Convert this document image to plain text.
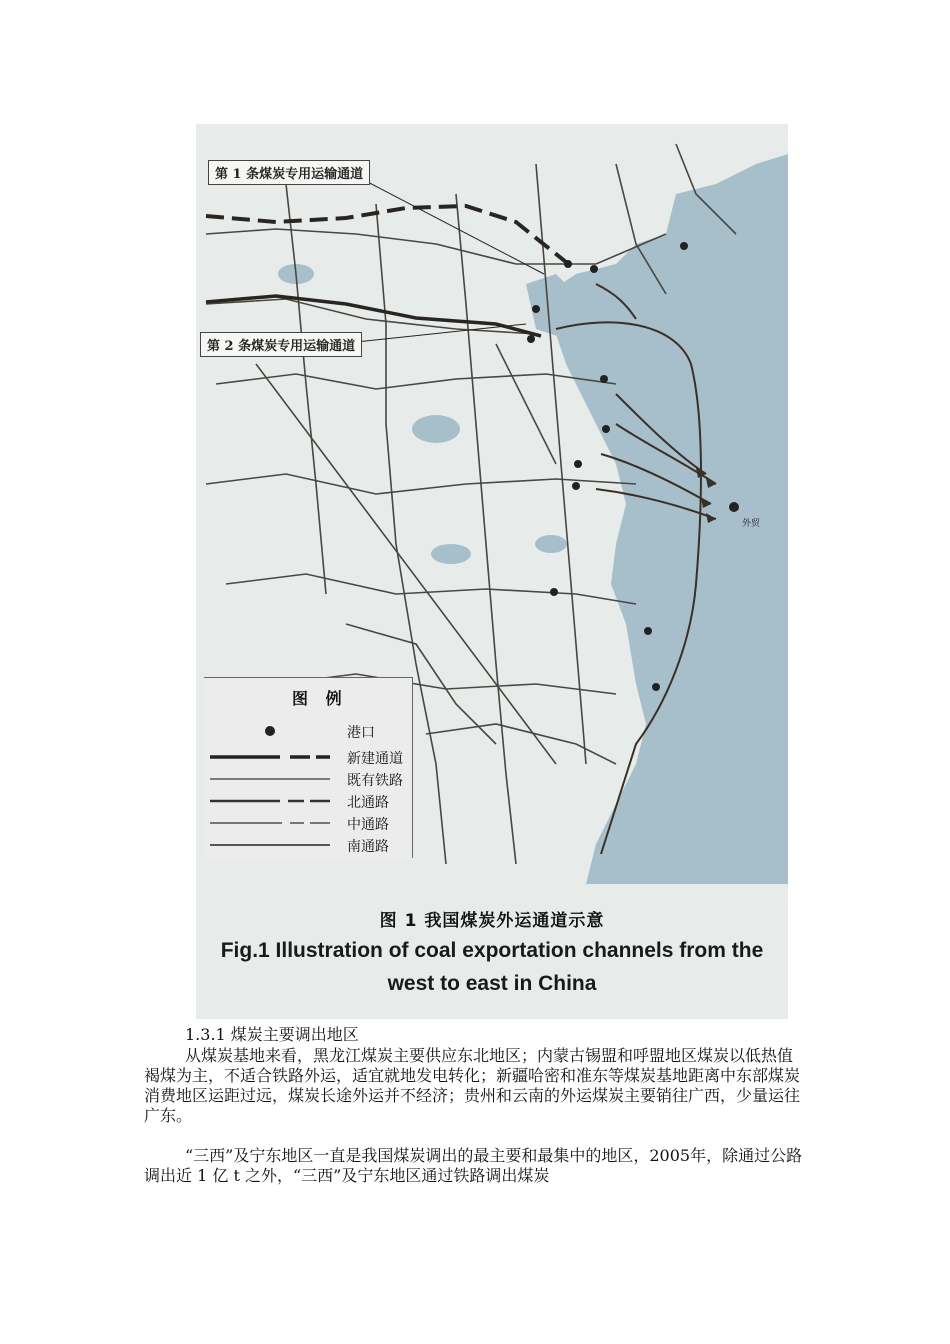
外贸
第 1 条煤炭专用运输通道
第 2 条煤炭专用运输通道
图 例
港口
新建通道
既有铁路
北通路
中通路
南通路
图 1 我国煤炭外运通道示意
Fig.1 Illustration of coal exportation channels from the west to east in China
1.3.1 煤炭主要调出地区
从煤炭基地来看，黑龙江煤炭主要供应东北地区；内蒙古锡盟和呼盟地区煤炭以低热值褐煤为主，不适合铁路外运，适宜就地发电转化；新疆哈密和准东等煤炭基地距离中东部煤炭消费地区运距过远，煤炭长途外运并不经济；贵州和云南的外运煤炭主要销往广西，少量运往广东。
“三西”及宁东地区一直是我国煤炭调出的最主要和最集中的地区，2005年，除通过公路调出近 1 亿 t 之外，“三西”及宁东地区通过铁路调出煤炭
